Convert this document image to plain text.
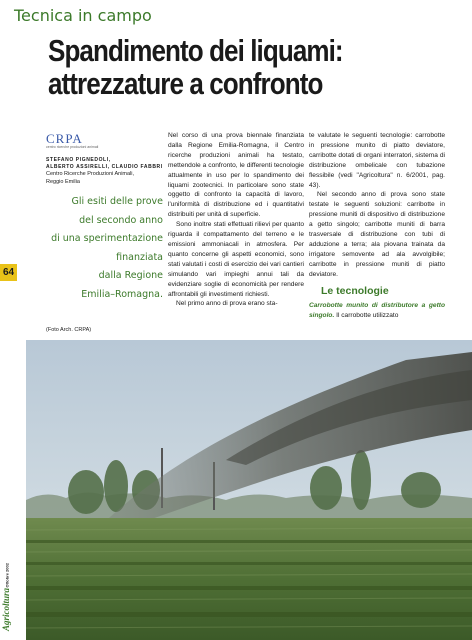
Tecnica in campo
Spandimento dei liquami:
attrezzature a confronto
CRPA
centro ricerche produzioni animali
STEFANO PIGNEDOLI,
ALBERTO ASSIRELLI, CLAUDIO FABBRI
Centro Ricerche Produzioni Animali,
Reggio Emilia
Gli esiti delle prove
del secondo anno
di una sperimentazione
finanziata
dalla Regione
Emilia–Romagna.
64
(Foto Arch. CRPA)

Nel corso di una prova biennale finanziata dalla Regione Emilia-Romagna, il Centro ricerche produzioni animali ha testato, mettendole a confronto, le differenti tecnologie attualmente in uso per lo spandimento dei liquami zootecnici. In particolare sono state oggetto di confronto la capacità di lavoro, l'uniformità di distribuzione ed i quantitativi distribuiti per unità di superficie.

Sono inoltre stati effettuati rilievi per quanto riguarda il compattamento del terreno e le emissioni ammoniacali in atmosfera. Per quanto concerne gli aspetti economici, sono stati valutati i costi di esercizio dei vari cantieri simulando vari impieghi annui tali da evidenziare soglie di economicità per rendere affrontabili gli investimenti richiesti.

Nel primo anno di prova erano sta-

te valutate le seguenti tecnologie: carrobotte in pressione munito di piatto deviatore, carribotte dotati di organi interratori, sistema di distribuzione ombelicale con tubazione flessibile (vedi "Agricoltura" n. 6/2001, pag. 43).

Nel secondo anno di prova sono state testate le seguenti soluzioni: carribotte in pressione muniti di dispositivo di distribuzione a getto singolo; carribotte muniti di barra trasversale di distribuzione con tubi di adduzione a terra; ala piovana trainata da irrigatore semovente ad ala avvolgibile; carribotte in pressione muniti di piatto deviatore.

Le tecnologie

Carrobotte munito di distributore a getto singolo. Il carrobotte utilizzato

Ottobre 2002
Agricoltura
